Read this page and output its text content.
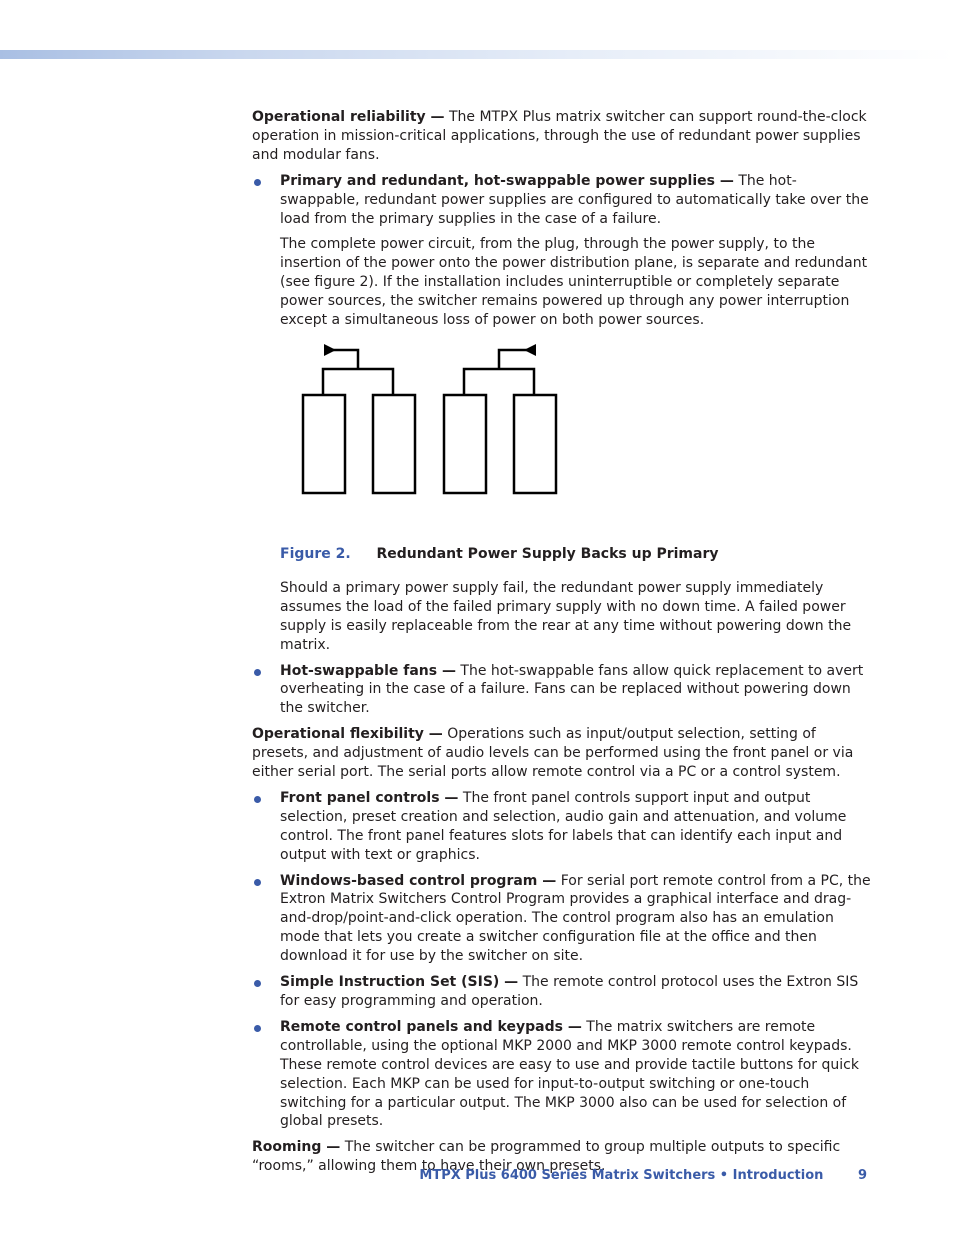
Operational reliability — The MTPX Plus matrix switcher can support round-the-clock operation in mission-critical applications, through the use of redundant power supplies and modular fans.

Primary and redundant, hot-swappable power supplies — The hot-swappable, redundant power supplies are configured to automatically take over the load from the primary supplies in the case of a failure.

The complete power circuit, from the plug, through the power supply, to the insertion of the power onto the power distribution plane, is separate and redundant (see figure 2). If the installation includes uninterruptible or completely separate power sources, the switcher remains powered up through any power interruption except a simultaneous loss of power on both power sources.

Figure 2. Redundant Power Supply Backs up Primary

Should a primary power supply fail, the redundant power supply immediately assumes the load of the failed primary supply with no down time. A failed power supply is easily replaceable from the rear at any time without powering down the matrix.

Hot-swappable fans — The hot-swappable fans allow quick replacement to avert overheating in the case of a failure. Fans can be replaced without powering down the switcher.

Operational flexibility — Operations such as input/output selection, setting of presets, and adjustment of audio levels can be performed using the front panel or via either serial port. The serial ports allow remote control via a PC or a control system.

Front panel controls — The front panel controls support input and output selection, preset creation and selection, audio gain and attenuation, and volume control. The front panel features slots for labels that can identify each input and output with text or graphics.

Windows-based control program — For serial port remote control from a PC, the Extron Matrix Switchers Control Program provides a graphical interface and drag-and-drop/point-and-click operation. The control program also has an emulation mode that lets you create a switcher configuration file at the office and then download it for use by the switcher on site.

Simple Instruction Set (SIS) — The remote control protocol uses the Extron SIS for easy programming and operation.

Remote control panels and keypads — The matrix switchers are remote controllable, using the optional MKP 2000 and MKP 3000 remote control keypads. These remote control devices are easy to use and provide tactile buttons for quick selection. Each MKP can be used for input-to-output switching or one-touch switching for a particular output. The MKP 3000 also can be used for selection of global presets.

Rooming — The switcher can be programmed to group multiple outputs to specific “rooms,” allowing them to have their own presets.

MTPX Plus 6400 Series Matrix Switchers • Introduction	9
